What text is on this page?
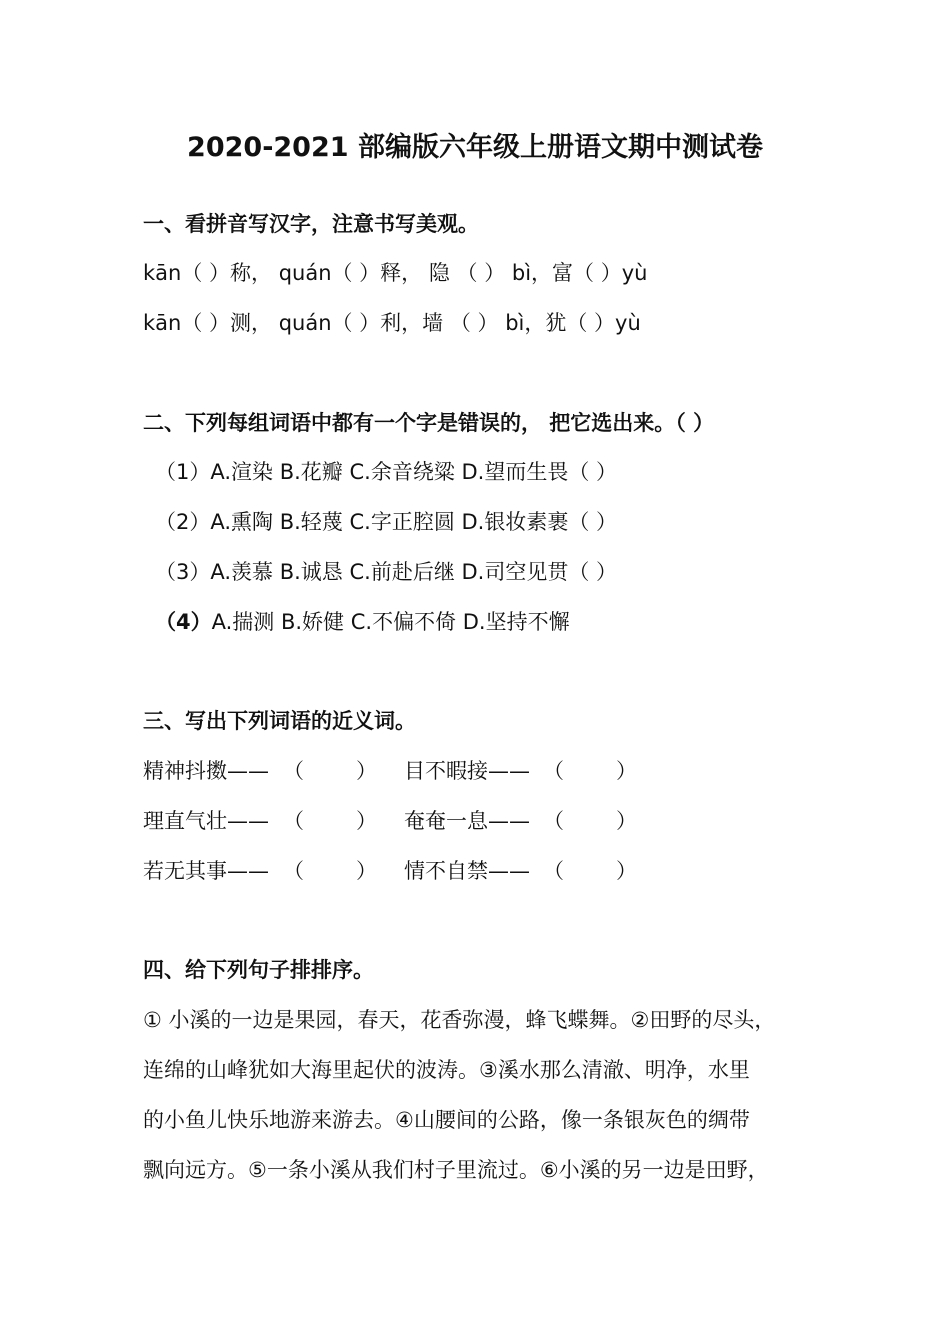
2020-2021 部编版六年级上册语文期中测试卷
一、看拼音写汉字，注意书写美观。
kān（ ）称， quán（ ）释， 隐 （ ） bì，富（ ）yù
kān（ ）测， quán（ ）利，墙 （ ） bì，犹（ ）yù
二、下列每组词语中都有一个字是错误的， 把它选出来。（ ）
（1）A.渲染 B.花瓣 C.余音绕粱 D.望而生畏（ ）
（2）A.熏陶 B.轻蔑 C.字正腔圆 D.银妆素裹（ ）
（3）A.羡慕 B.诚恳 C.前赴后继 D.司空见贯（ ）
（4）A.揣测 B.娇健 C.不偏不倚 D.坚持不懈
三、写出下列词语的近义词。
精神抖擞—— （ ） 目不暇接—— （ ）
理直气壮—— （ ） 奄奄一息—— （ ）
若无其事—— （ ） 情不自禁—— （ ）
四、给下列句子排排序。
① 小溪的一边是果园，春天，花香弥漫，蜂飞蝶舞。②田野的尽头，
连绵的山峰犹如大海里起伏的波涛。③溪水那么清澈、明净，水里
的小鱼儿快乐地游来游去。④山腰间的公路，像一条银灰色的绸带
飘向远方。⑤一条小溪从我们村子里流过。⑥小溪的另一边是田野，
